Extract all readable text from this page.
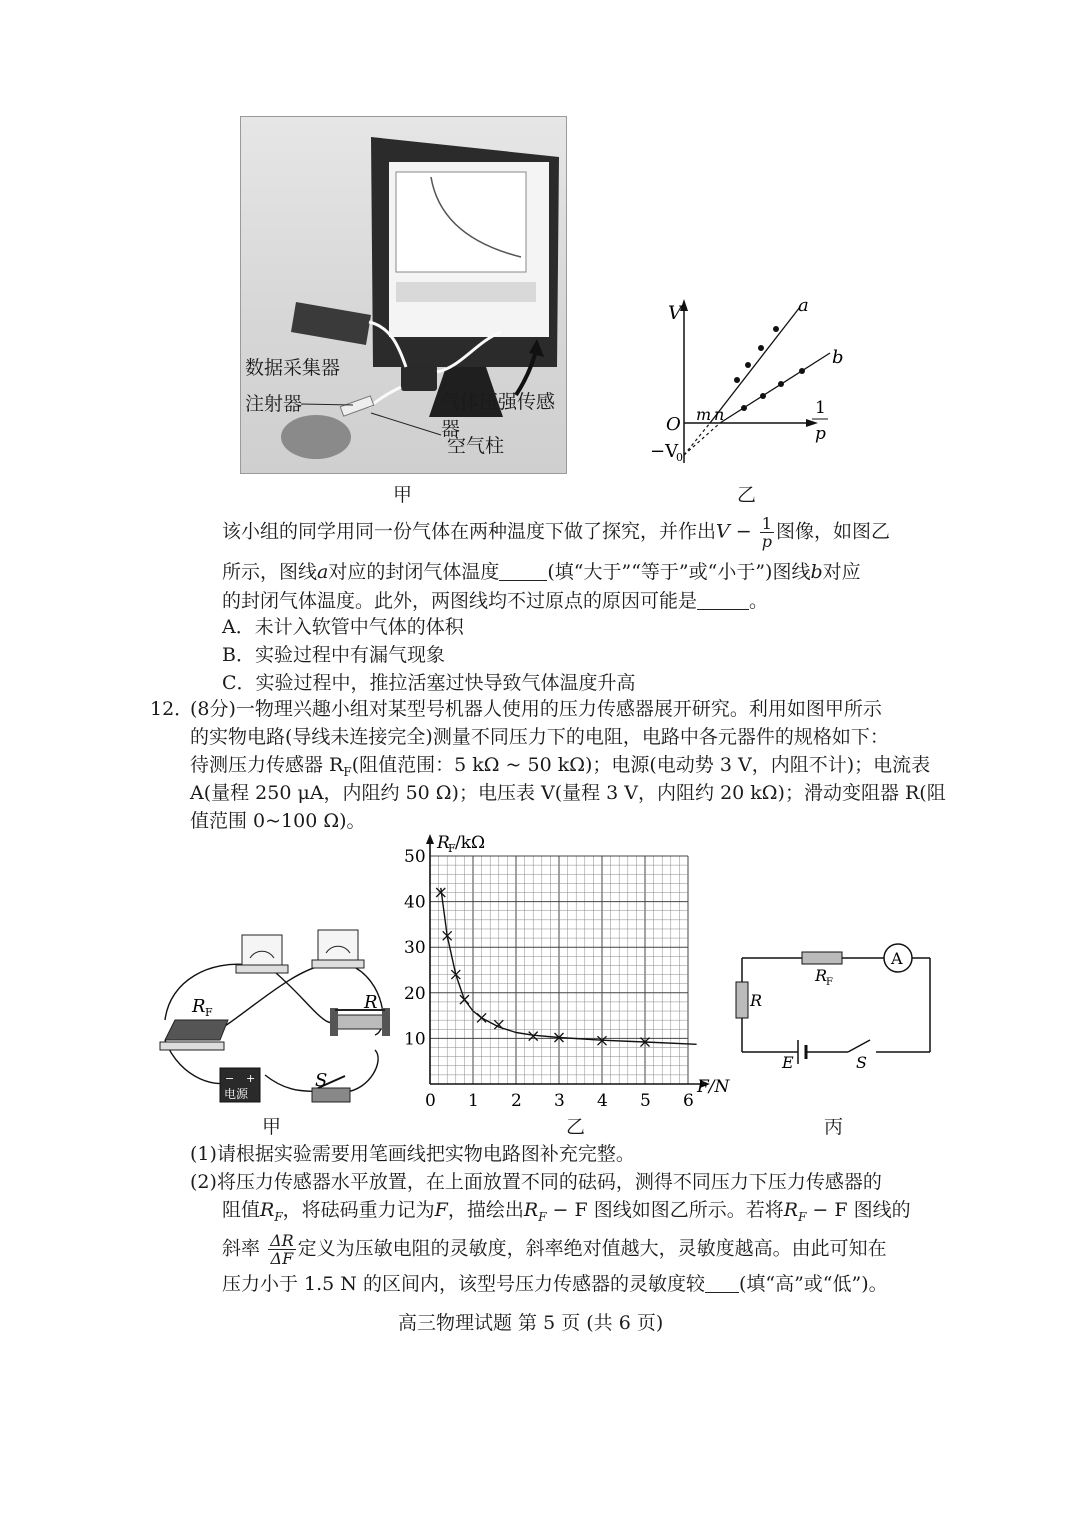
数据采集器
注射器	气体压强传感器
空气柱
甲
V	a
b
m n
O
−V
0
1
p
乙
该小组的同学用同一份气体在两种温度下做了探究，并作出$V - \frac{1}{p}$ 图像，如图乙
所示，图线a对应的封闭气体温度	(填“大于”“等于”或“小于”)图线b对应
的封闭气体温度。此外，两图线均不过原点的原因可能是	。
A．未计入软管中气体的体积
B．实验过程中有漏气现象
C．实验过程中，推拉活塞过快导致气体温度升高
12．
(8分)一物理兴趣小组对某型号机器人使用的压力传感器展开研究。利用如图甲所示
的实物电路(导线未连接完全)测量不同压力下的电阻，电路中各元器件的规格如下：
待测压力传感器 $R_F$(阻值范围：5 kΩ ~ 50 kΩ)；电源(电动势 3 V，内阻不计)；电流表
A(量程 250 μA，内阻约 50 Ω)；电压表 V(量程 3 V，内阻约 20 kΩ)；滑动变阻器 R(阻
值范围 0~100 Ω)。
R F	R
S
− +
电源
甲
0 1 2 3 4 5 6
10
20
30
40
50
R
F /kΩ
F/N
乙
R
F
A
R
E	S
丙
(1)请根据实验需要用笔画线把实物电路图补充完整。
(2)将压力传感器水平放置，在上面放置不同的砝码，测得不同压力下压力传感器的
阻值$R_F$，将砝码重力记为F，描绘出$R_F - F$ 图线如图乙所示。若将$R_F - F$ 图线的
斜率 $\frac{\Delta R}{\Delta F}$ 定义为压敏电阻的灵敏度，斜率绝对值越大，灵敏度越高。由此可知在
压力小于 1.5 N 的区间内，该型号压力传感器的灵敏度较 (填“高”或“低”)。
高三物理试题 第 5 页 (共 6 页)
